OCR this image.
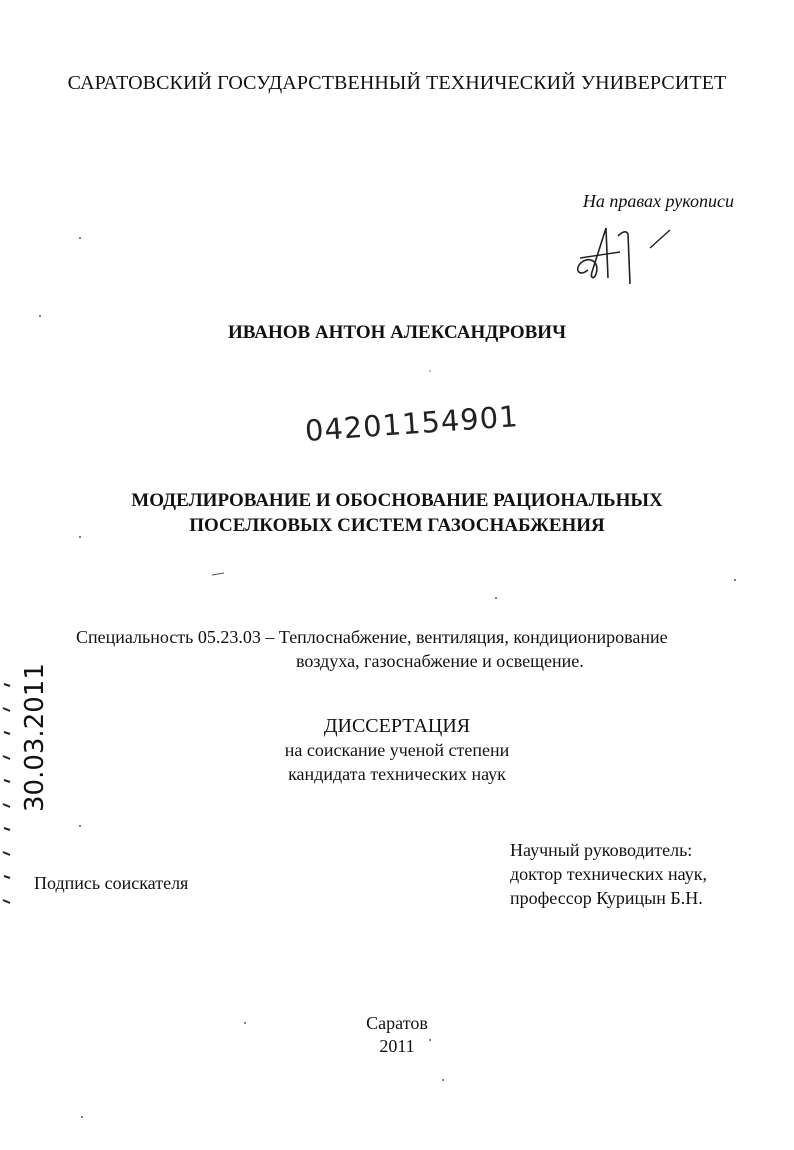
САРАТОВСКИЙ ГОСУДАРСТВЕННЫЙ ТЕХНИЧЕСКИЙ УНИВЕРСИТЕТ
На правах рукописи
ИВАНОВ АНТОН АЛЕКСАНДРОВИЧ
04201154901
МОДЕЛИРОВАНИЕ И ОБОСНОВАНИЕ РАЦИОНАЛЬНЫХ
ПОСЕЛКОВЫХ СИСТЕМ ГАЗОСНАБЖЕНИЯ
Специальность 05.23.03 – Теплоснабжение, вентиляция, кондиционирование
воздуха, газоснабжение и освещение.
ДИССЕРТАЦИЯ
на соискание ученой степени
кандидата технических наук
Научный руководитель:
доктор технических наук,
профессор Курицын Б.Н.
Подпись соискателя
30.03.2011
Саратов
2011
